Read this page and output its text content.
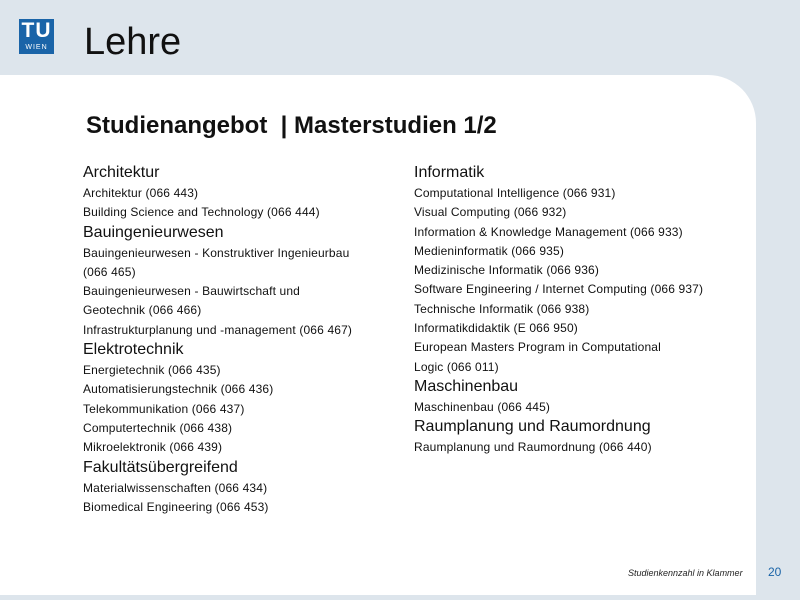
TU
WIEN Lehre
Studienangebot  | Masterstudien 1/2
Architektur
Architektur (066 443)
Building Science and Technology (066 444)
Bauingenieurwesen
Bauingenieurwesen - Konstruktiver Ingenieurbau
(066 465)
Bauingenieurwesen - Bauwirtschaft und
Geotechnik (066 466)
Infrastrukturplanung und -management (066 467)
Elektrotechnik
Energietechnik (066 435)
Automatisierungstechnik (066 436)
Telekommunikation (066 437)
Computertechnik (066 438)
Mikroelektronik (066 439)
Fakultätsübergreifend
Materialwissenschaften (066 434)
Biomedical Engineering (066 453)
Informatik
Computational Intelligence (066 931)
Visual Computing (066 932)
Information & Knowledge Management (066 933)
Medieninformatik (066 935)
Medizinische Informatik (066 936)
Software Engineering / Internet Computing (066 937)
Technische Informatik (066 938)
Informatikdidaktik (E 066 950)
European Masters Program in Computational
Logic (066 011)
Maschinenbau
Maschinenbau (066 445)
Raumplanung und Raumordnung
Raumplanung und Raumordnung (066 440)
Studienkennzahl in Klammer 20
